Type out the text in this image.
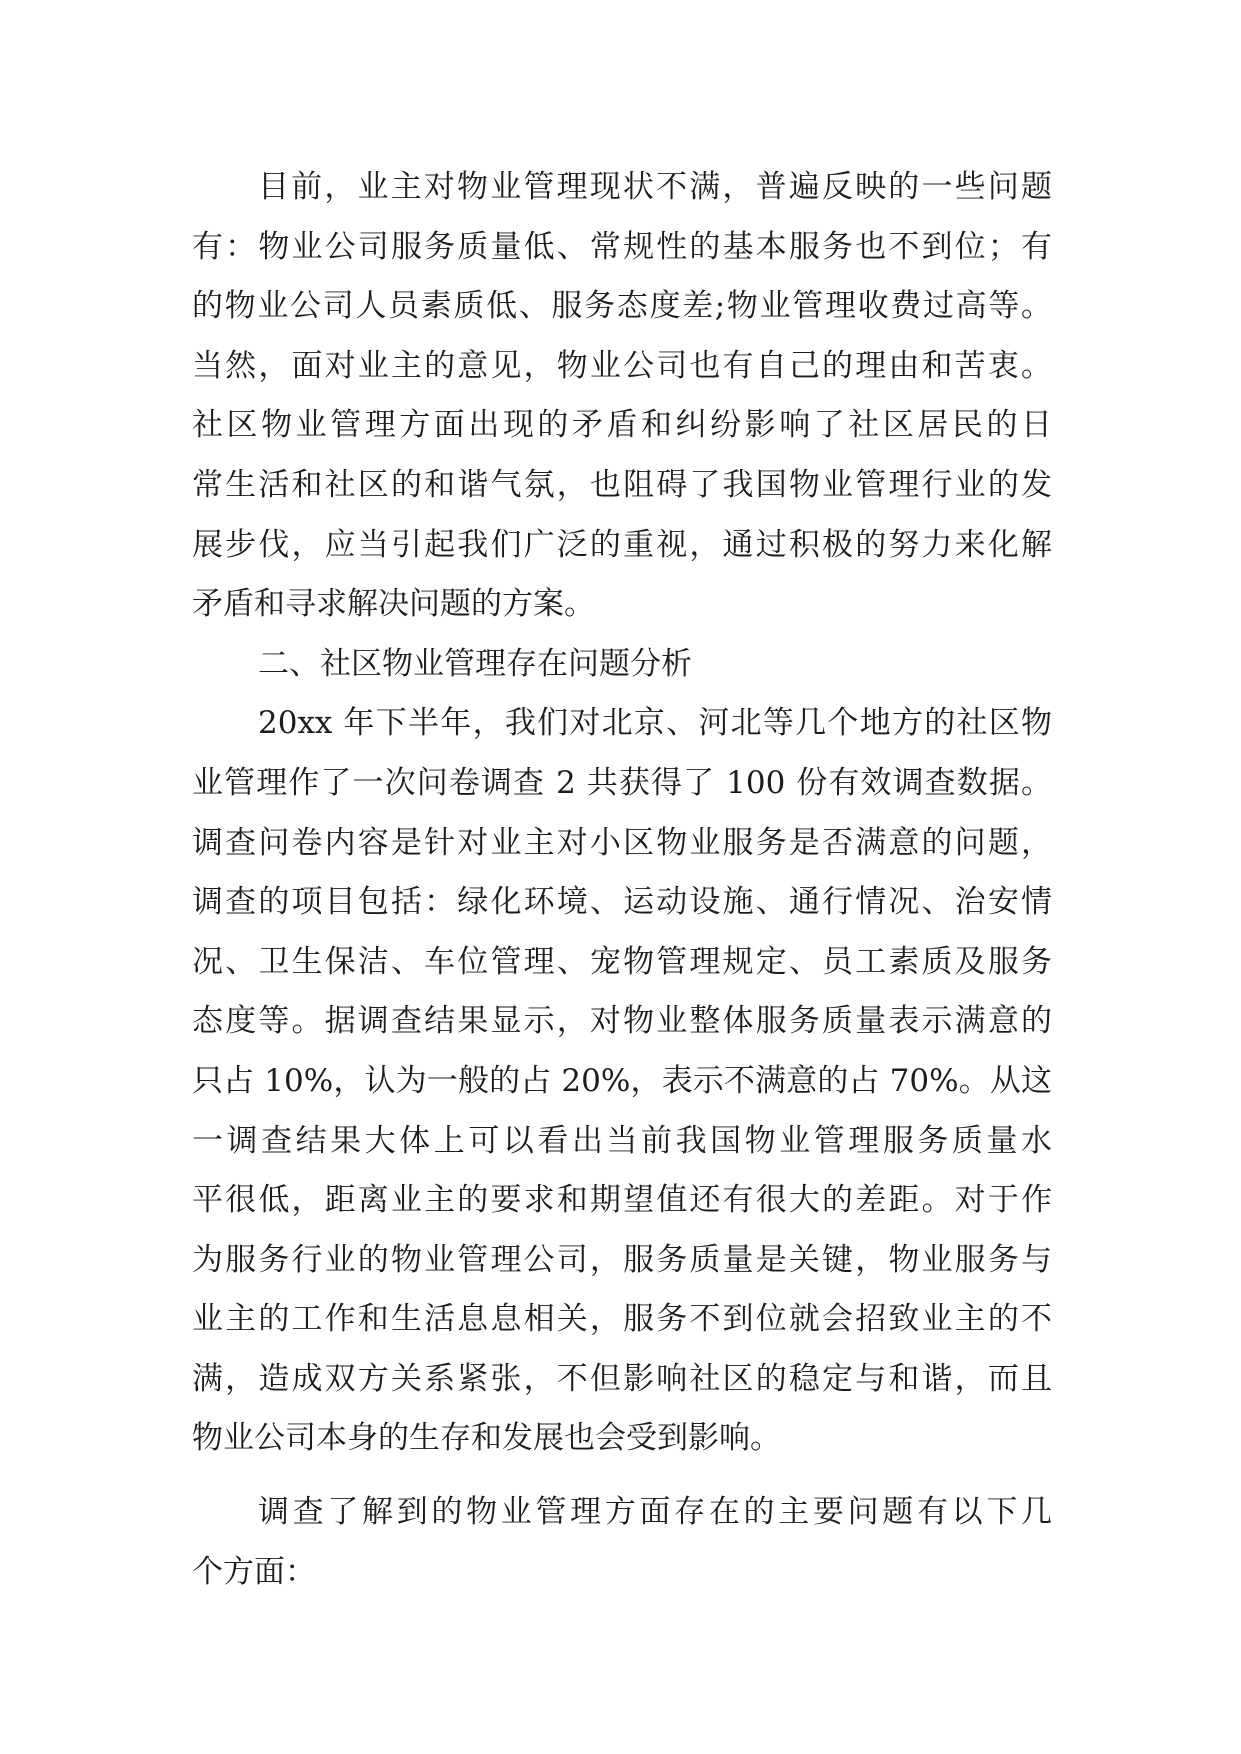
目前，业主对物业管理现状不满，普遍反映的一些问题
有：物业公司服务质量低、常规性的基本服务也不到位；有
的物业公司人员素质低、服务态度差;物业管理收费过高等。
当然，面对业主的意见，物业公司也有自己的理由和苦衷。
社区物业管理方面出现的矛盾和纠纷影响了社区居民的日
常生活和社区的和谐气氛，也阻碍了我国物业管理行业的发
展步伐，应当引起我们广泛的重视，通过积极的努力来化解
矛盾和寻求解决问题的方案。
二、社区物业管理存在问题分析
20xx 年下半年，我们对北京、河北等几个地方的社区物
业管理作了一次问卷调查 2 共获得了 100 份有效调查数据。
调查问卷内容是针对业主对小区物业服务是否满意的问题，
调查的项目包括：绿化环境、运动设施、通行情况、治安情
况、卫生保洁、车位管理、宠物管理规定、员工素质及服务
态度等。据调查结果显示，对物业整体服务质量表示满意的
只占 10%，认为一般的占 20%，表示不满意的占 70%。从这
一调查结果大体上可以看出当前我国物业管理服务质量水
平很低，距离业主的要求和期望值还有很大的差距。对于作
为服务行业的物业管理公司，服务质量是关键，物业服务与
业主的工作和生活息息相关，服务不到位就会招致业主的不
满，造成双方关系紧张，不但影响社区的稳定与和谐，而且
物业公司本身的生存和发展也会受到影响。
调查了解到的物业管理方面存在的主要问题有以下几
个方面：
